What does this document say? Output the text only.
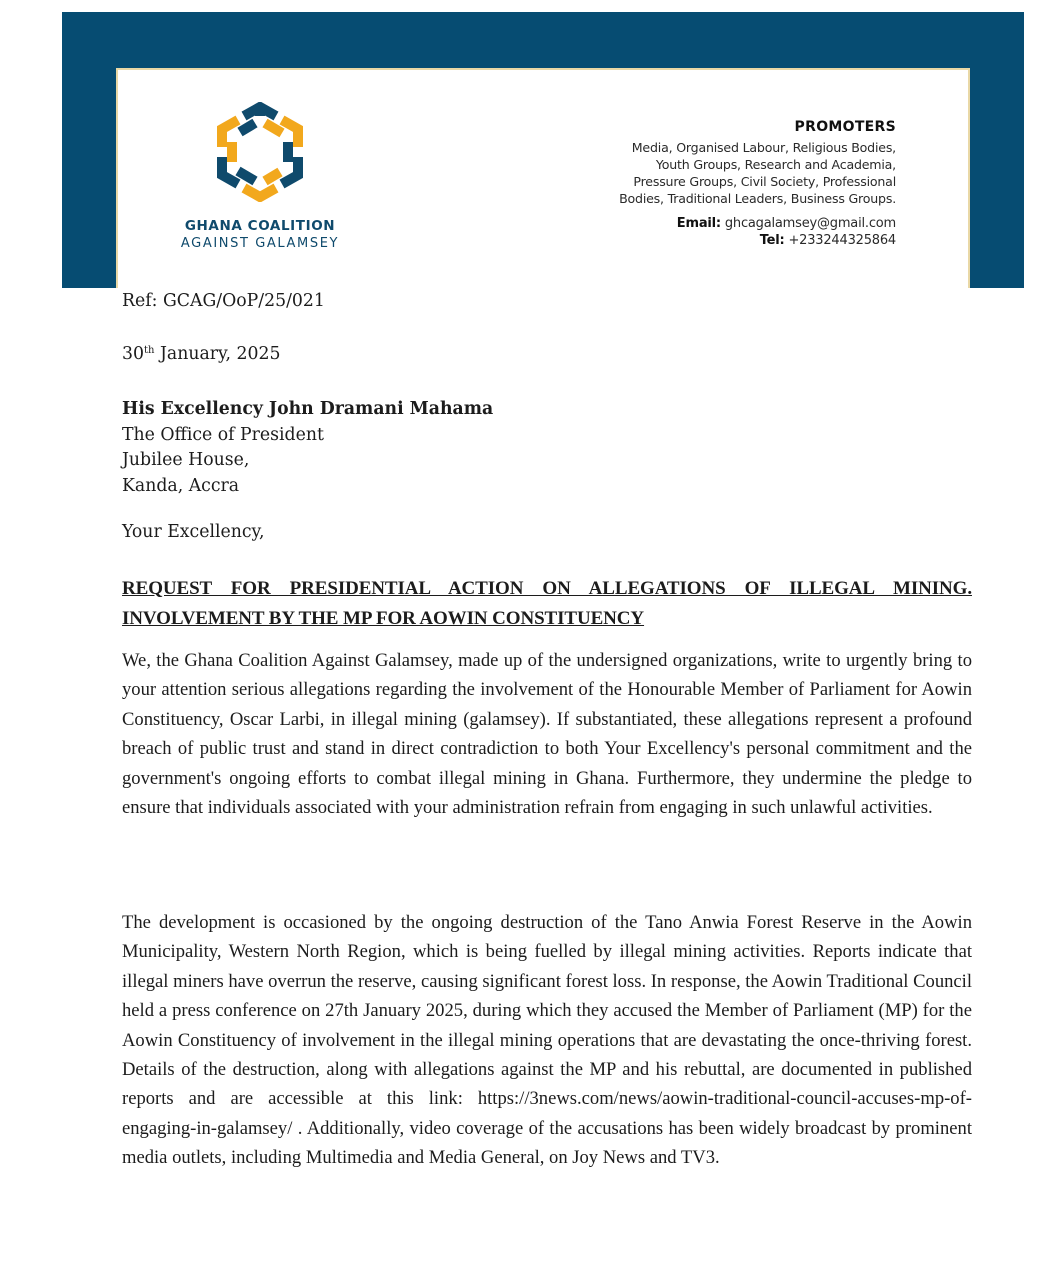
GHANA COALITION
AGAINST GALAMSEY
PROMOTERS
Media, Organised Labour, Religious Bodies,
Youth Groups, Research and Academia,
Pressure Groups, Civil Society, Professional
Bodies, Traditional Leaders, Business Groups.
Email: ghcagalamsey@gmail.com
Tel: +233244325864
Ref: GCAG/OoP/25/021
30th January, 2025
His Excellency John Dramani Mahama
The Office of President
Jubilee House,
Kanda, Accra
Your Excellency,
REQUEST FOR PRESIDENTIAL ACTION ON ALLEGATIONS OF ILLEGAL MINING.
INVOLVEMENT BY THE MP FOR AOWIN CONSTITUENCY
We, the Ghana Coalition Against Galamsey, made up of the undersigned organizations, write to urgently bring to your attention serious allegations regarding the involvement of the Honourable Member of Parliament for Aowin Constituency, Oscar Larbi, in illegal mining (galamsey). If substantiated, these allegations represent a profound breach of public trust and stand in direct contradiction to both Your Excellency's personal commitment and the government's ongoing efforts to combat illegal mining in Ghana. Furthermore, they undermine the pledge to ensure that individuals associated with your administration refrain from engaging in such unlawful activities.
The development is occasioned by the ongoing destruction of the Tano Anwia Forest Reserve in the Aowin Municipality, Western North Region, which is being fuelled by illegal mining activities. Reports indicate that illegal miners have overrun the reserve, causing significant forest loss. In response, the Aowin Traditional Council held a press conference on 27th January 2025, during which they accused the Member of Parliament (MP) for the Aowin Constituency of involvement in the illegal mining operations that are devastating the once-thriving forest. Details of the destruction, along with allegations against the MP and his rebuttal, are documented in published reports and are accessible at this link: https://3news.com/news/aowin-traditional-council-accuses-mp-of-engaging-in-galamsey/ . Additionally, video coverage of the accusations has been widely broadcast by prominent media outlets, including Multimedia and Media General, on Joy News and TV3.
